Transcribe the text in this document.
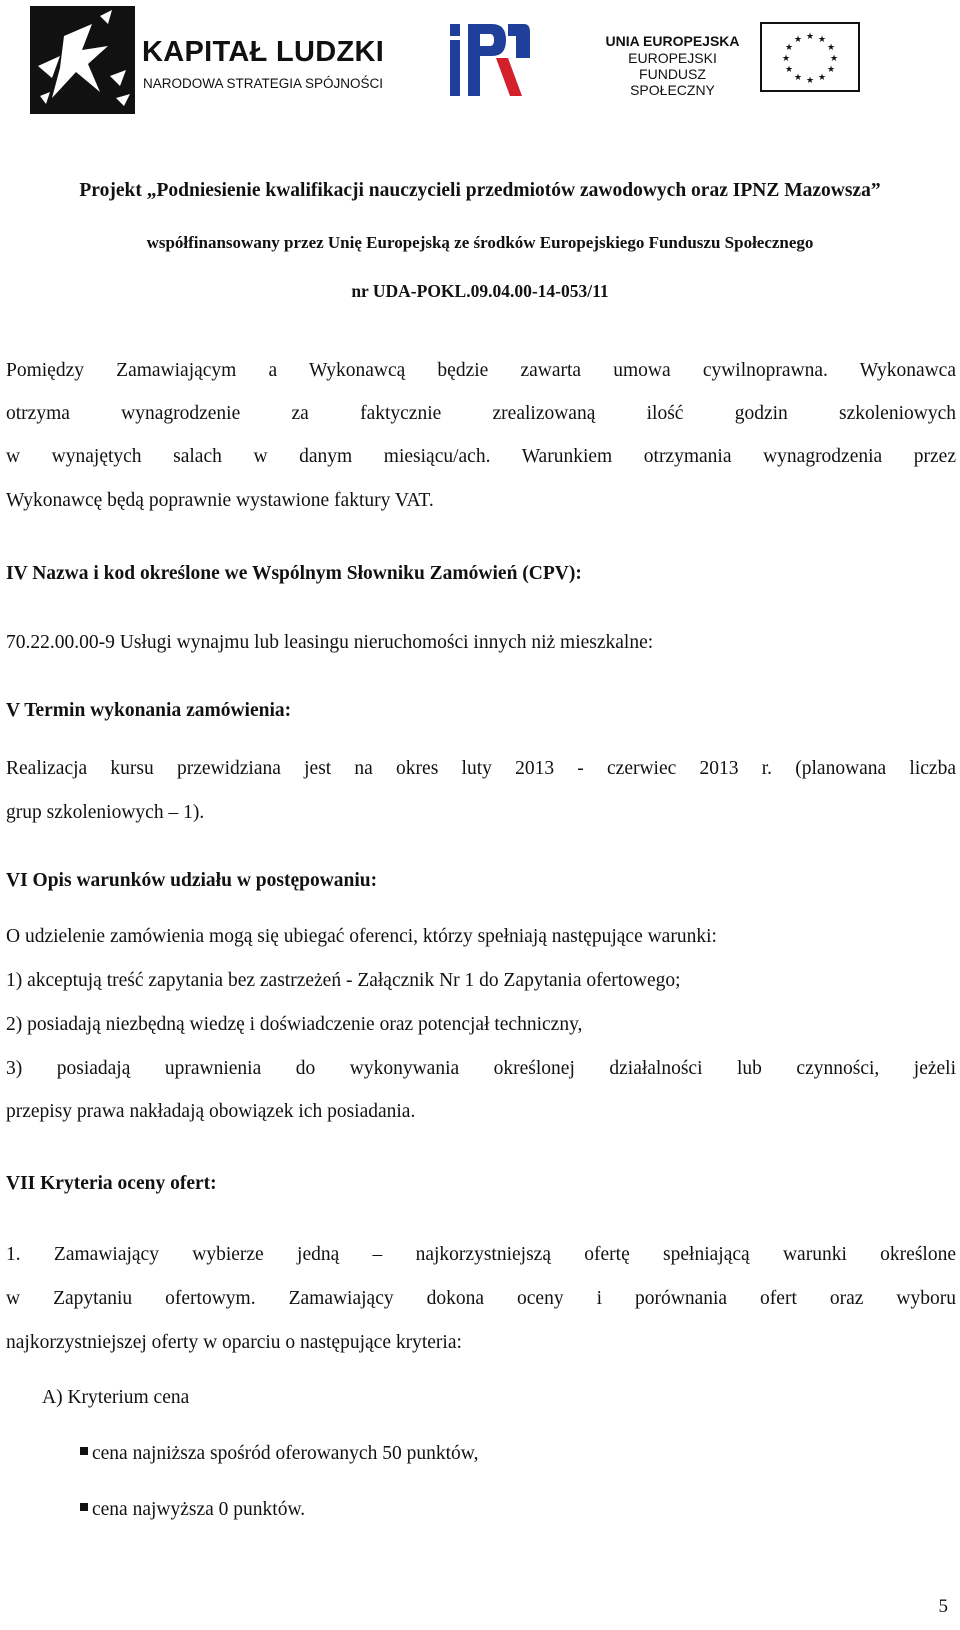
KAPITAŁ LUDZKI
NARODOWA STRATEGIA SPÓJNOŚCI
UNIA EUROPEJSKA
EUROPEJSKI
FUNDUSZ SPOŁECZNY
★ ★
★
★
★
★
★
★
★
★
★
★
Projekt „Podniesienie kwalifikacji nauczycieli przedmiotów zawodowych oraz IPNZ Mazowsza”
współfinansowany przez Unię Europejską ze środków Europejskiego Funduszu Społecznego
nr UDA-POKL.09.04.00-14-053/11
Pomiędzy Zamawiającym a Wykonawcą będzie zawarta umowa cywilnoprawna. Wykonawca
otrzyma wynagrodzenie za faktycznie zrealizowaną ilość godzin szkoleniowych
w wynajętych salach w danym miesiącu/ach. Warunkiem otrzymania wynagrodzenia przez
Wykonawcę będą poprawnie wystawione faktury VAT.
IV Nazwa i kod określone we Wspólnym Słowniku Zamówień (CPV):
70.22.00.00-9 Usługi wynajmu lub leasingu nieruchomości innych niż mieszkalne:
V Termin wykonania zamówienia:
Realizacja kursu przewidziana jest na okres luty 2013 - czerwiec 2013 r. (planowana liczba
grup szkoleniowych – 1).
VI Opis warunków udziału w postępowaniu:
O udzielenie zamówienia mogą się ubiegać oferenci, którzy spełniają następujące warunki:
1) akceptują treść zapytania bez zastrzeżeń - Załącznik Nr 1 do Zapytania ofertowego;
2) posiadają niezbędną wiedzę i doświadczenie oraz potencjał techniczny,
3) posiadają uprawnienia do wykonywania określonej działalności lub czynności, jeżeli
przepisy prawa nakładają obowiązek ich posiadania.
VII Kryteria oceny ofert:
1. Zamawiający wybierze jedną – najkorzystniejszą ofertę spełniającą warunki określone
w Zapytaniu ofertowym. Zamawiający dokona oceny i porównania ofert oraz wyboru
najkorzystniejszej oferty w oparciu o następujące kryteria:
A) Kryterium cena
cena najniższa spośród oferowanych 50 punktów,
cena najwyższa 0 punktów.
5
